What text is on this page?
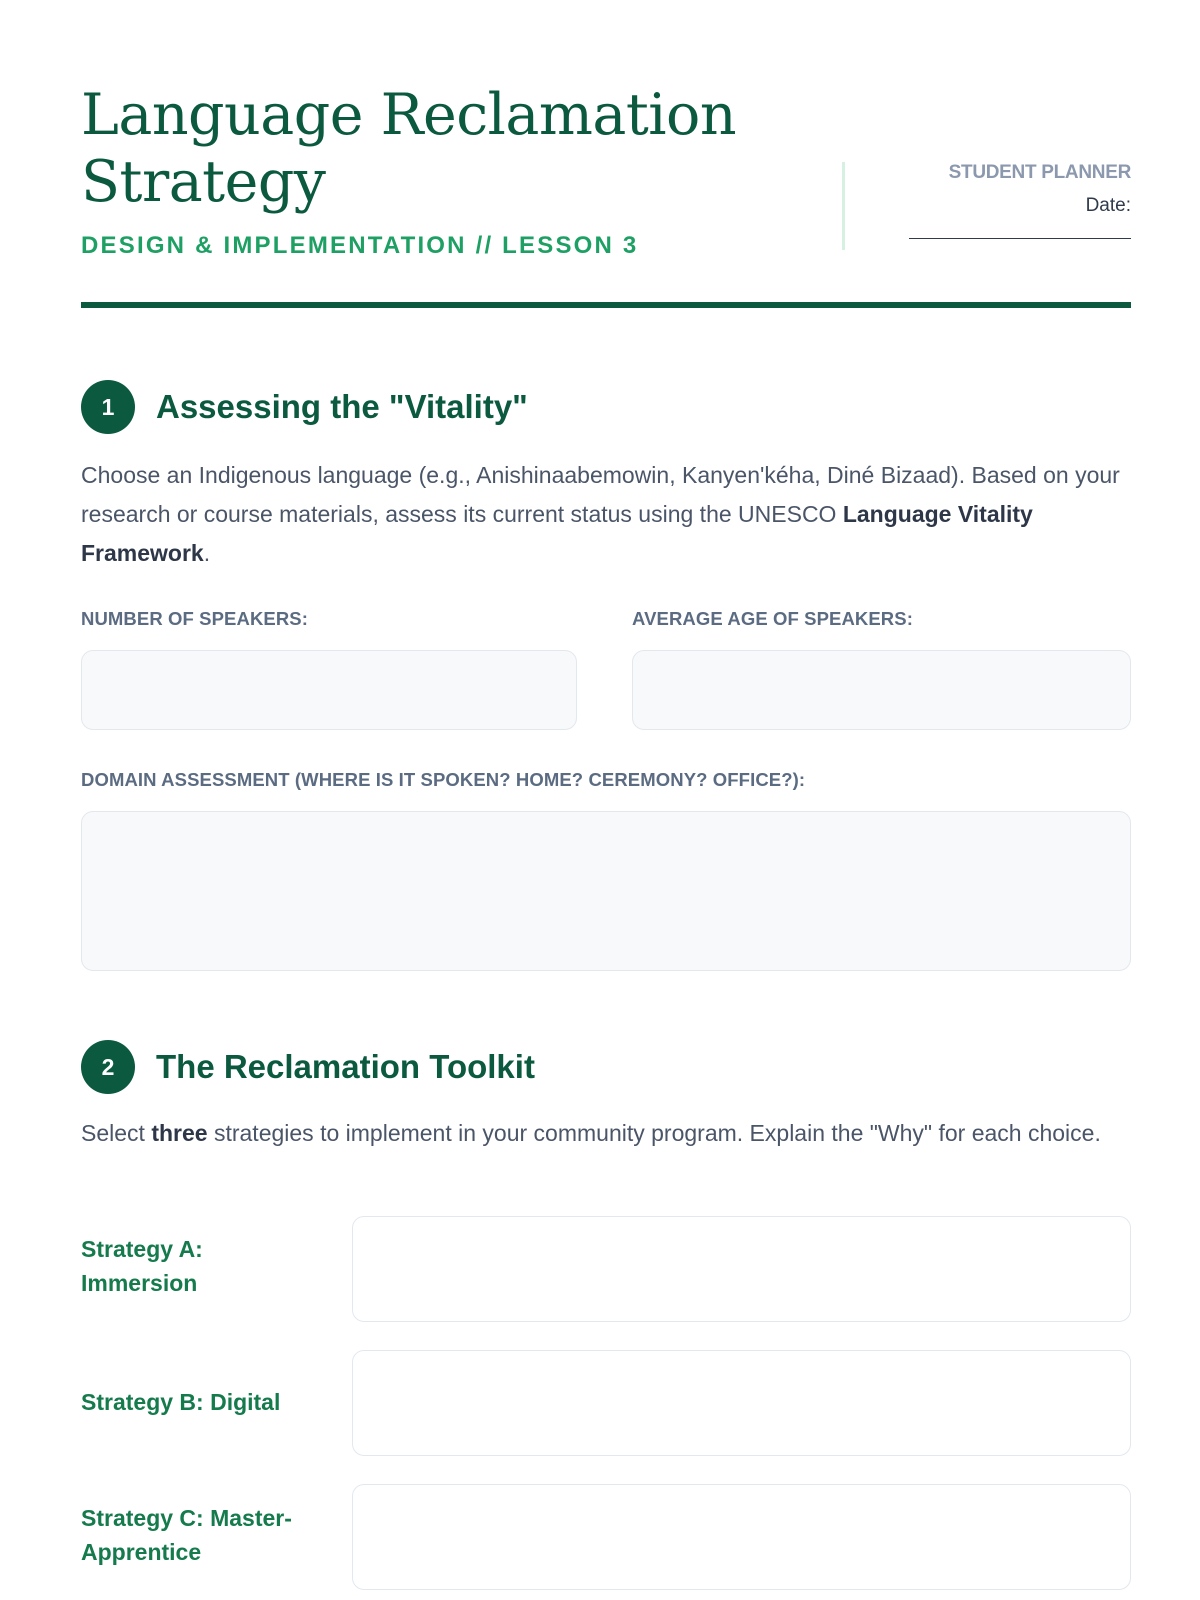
Language Reclamation Strategy
DESIGN & IMPLEMENTATION // LESSON 3
STUDENT PLANNER
Date:
1	Assessing the "Vitality"

Choose an Indigenous language (e.g., Anishinaabemowin, Kanyen'kéha, Diné Bizaad). Based on your research or course materials, assess its current status using the UNESCO Language Vitality Framework.

NUMBER OF SPEAKERS:	AVERAGE AGE OF SPEAKERS:
DOMAIN ASSESSMENT (WHERE IS IT SPOKEN? HOME? CEREMONY? OFFICE?):
2	The Reclamation Toolkit

Select three strategies to implement in your community program. Explain the "Why" for each choice.

Strategy A: Immersion
Strategy B: Digital
Strategy C: Master-Apprentice
